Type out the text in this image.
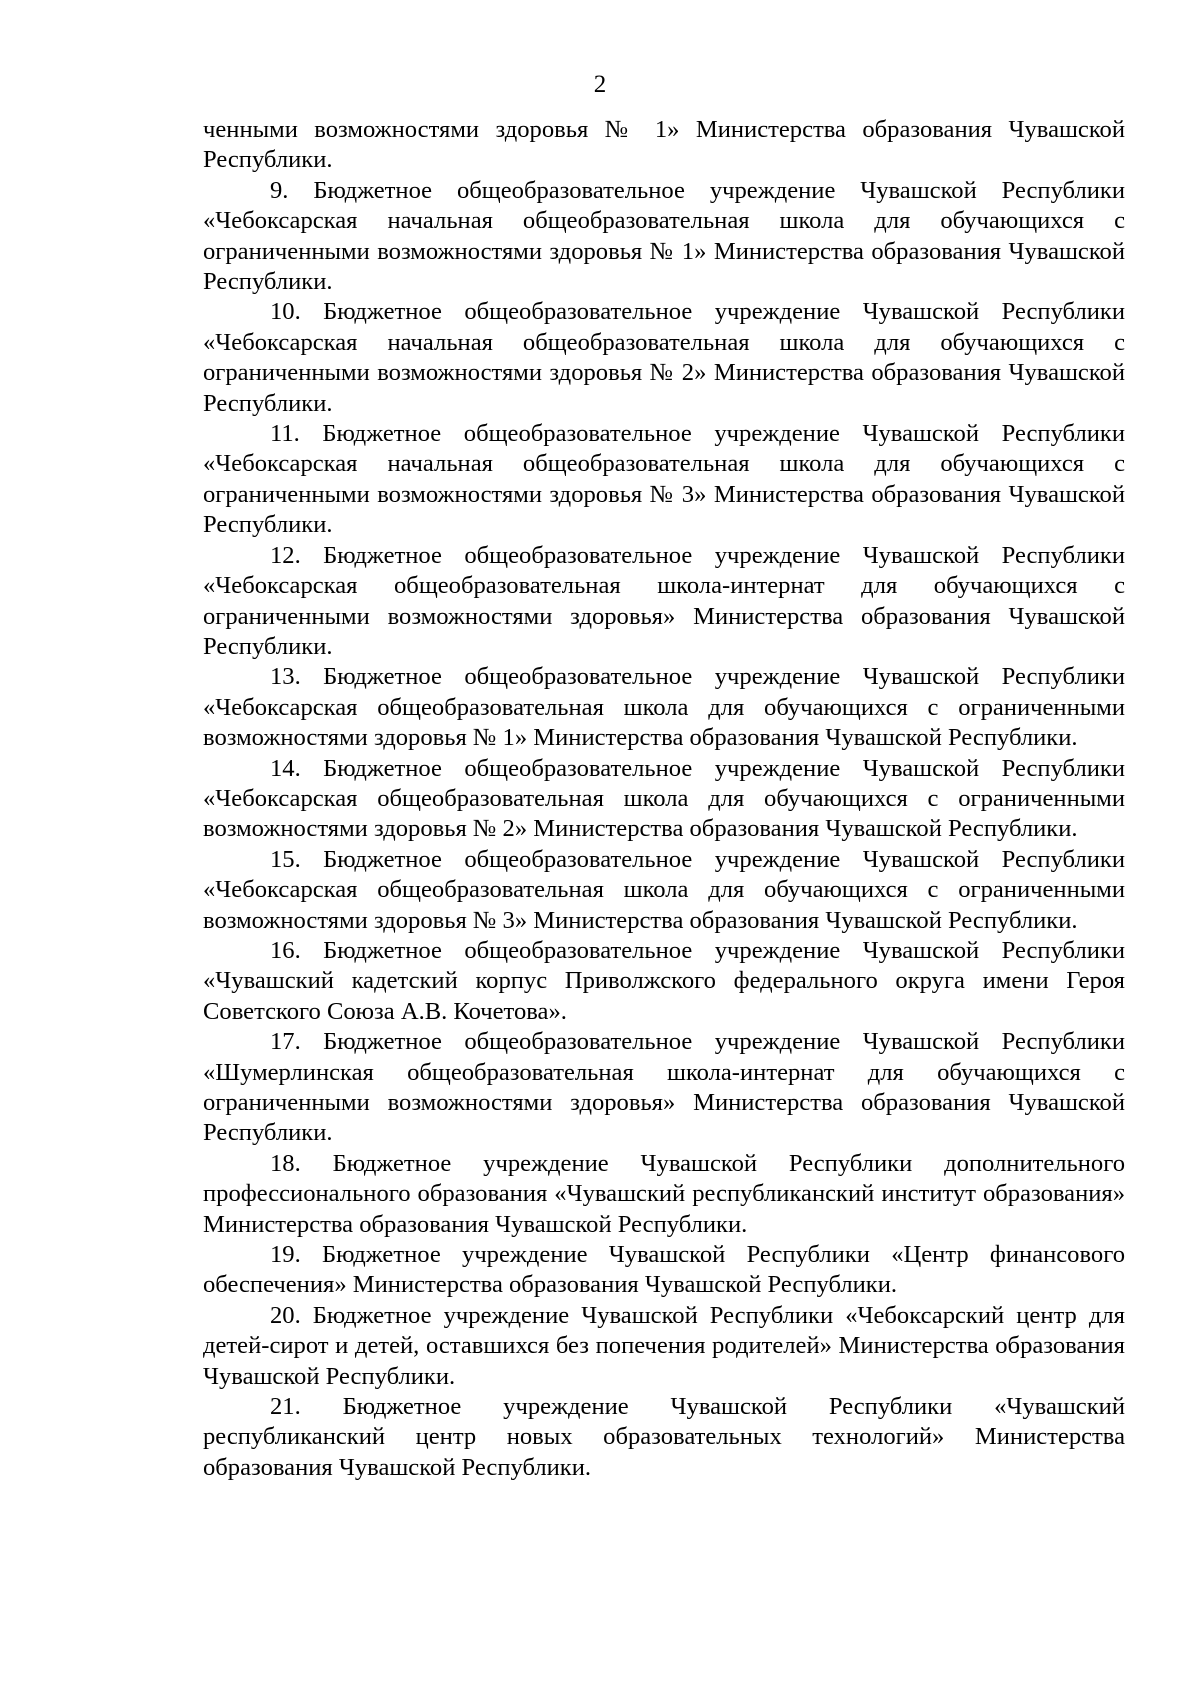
2

ченными возможностями здоровья № 1» Министерства образования Чувашской Республики.

9. Бюджетное общеобразовательное учреждение Чувашской Республики «Чебоксарская начальная общеобразовательная школа для обучающихся с ограниченными возможностями здоровья № 1» Министерства образования Чувашской Республики.

10. Бюджетное общеобразовательное учреждение Чувашской Республики «Чебоксарская начальная общеобразовательная школа для обучающихся с ограниченными возможностями здоровья № 2» Министерства образования Чувашской Республики.

11. Бюджетное общеобразовательное учреждение Чувашской Республики «Чебоксарская начальная общеобразовательная школа для обучающихся с ограниченными возможностями здоровья № 3» Министерства образования Чувашской Республики.

12. Бюджетное общеобразовательное учреждение Чувашской Республики «Чебоксарская общеобразовательная школа-интернат для обучающихся с ограниченными возможностями здоровья» Министерства образования Чувашской Республики.

13. Бюджетное общеобразовательное учреждение Чувашской Республики «Чебоксарская общеобразовательная школа для обучающихся с ограниченными возможностями здоровья № 1» Министерства образования Чувашской Республики.

14. Бюджетное общеобразовательное учреждение Чувашской Республики «Чебоксарская общеобразовательная школа для обучающихся с ограниченными возможностями здоровья № 2» Министерства образования Чувашской Республики.

15. Бюджетное общеобразовательное учреждение Чувашской Республики «Чебоксарская общеобразовательная школа для обучающихся с ограниченными возможностями здоровья № 3» Министерства образования Чувашской Республики.

16. Бюджетное общеобразовательное учреждение Чувашской Республики «Чувашский кадетский корпус Приволжского федерального округа имени Героя Советского Союза А.В. Кочетова».

17. Бюджетное общеобразовательное учреждение Чувашской Республики «Шумерлинская общеобразовательная школа-интернат для обучающихся с ограниченными возможностями здоровья» Министерства образования Чувашской Республики.

18. Бюджетное учреждение Чувашской Республики дополнительного профессионального образования «Чувашский республиканский институт образования» Министерства образования Чувашской Республики.

19. Бюджетное учреждение Чувашской Республики «Центр финансового обеспечения» Министерства образования Чувашской Республики.

20. Бюджетное учреждение Чувашской Республики «Чебоксарский центр для детей-сирот и детей, оставшихся без попечения родителей» Министерства образования Чувашской Республики.

21. Бюджетное учреждение Чувашской Республики «Чувашский республиканский центр новых образовательных технологий» Министерства образования Чувашской Республики.
